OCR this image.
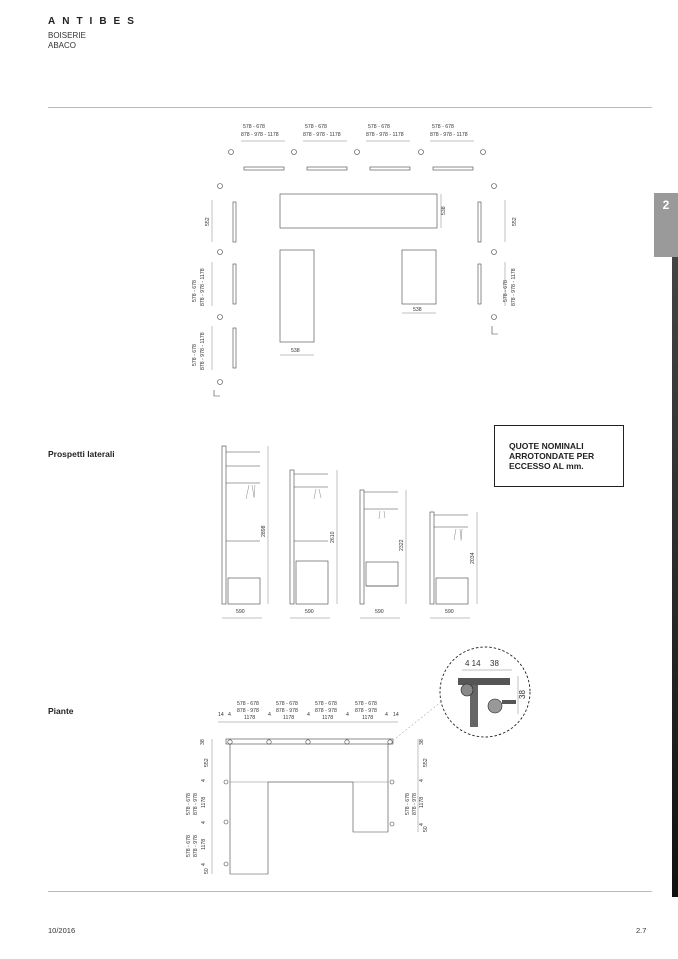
ANTIBES
BOISERIE
ABACO
2
Prospetti laterali
Piante
QUOTE NOMINALI
ARROTONDATE PER
ECCESSO AL mm.
578 - 678
878 - 978 - 1178
578 - 678
878 - 978 - 1178
578 - 678
878 - 978 - 1178
578 - 678
878 - 978 - 1178
552
578 - 678 878 - 978 - 1178
578 - 678 878 - 978 - 1178
552
578 - 678 878 - 978 - 1178
538
538
538
2898
590
2610
590
2322
590
2034
590
578 - 678
878 - 978
1178
578 - 678
878 - 978
1178
578 - 678
878 - 978
1178
578 - 678
878 - 978
1178
14 4	4	4	4	4 14
38
552
4
578 - 678 878 - 978 1178
4
578 - 678 878 - 978 1178
4
50
38
552
4
578 - 678 878 - 978 1178
4
50
4 14 38
38
10/2016	2.7
